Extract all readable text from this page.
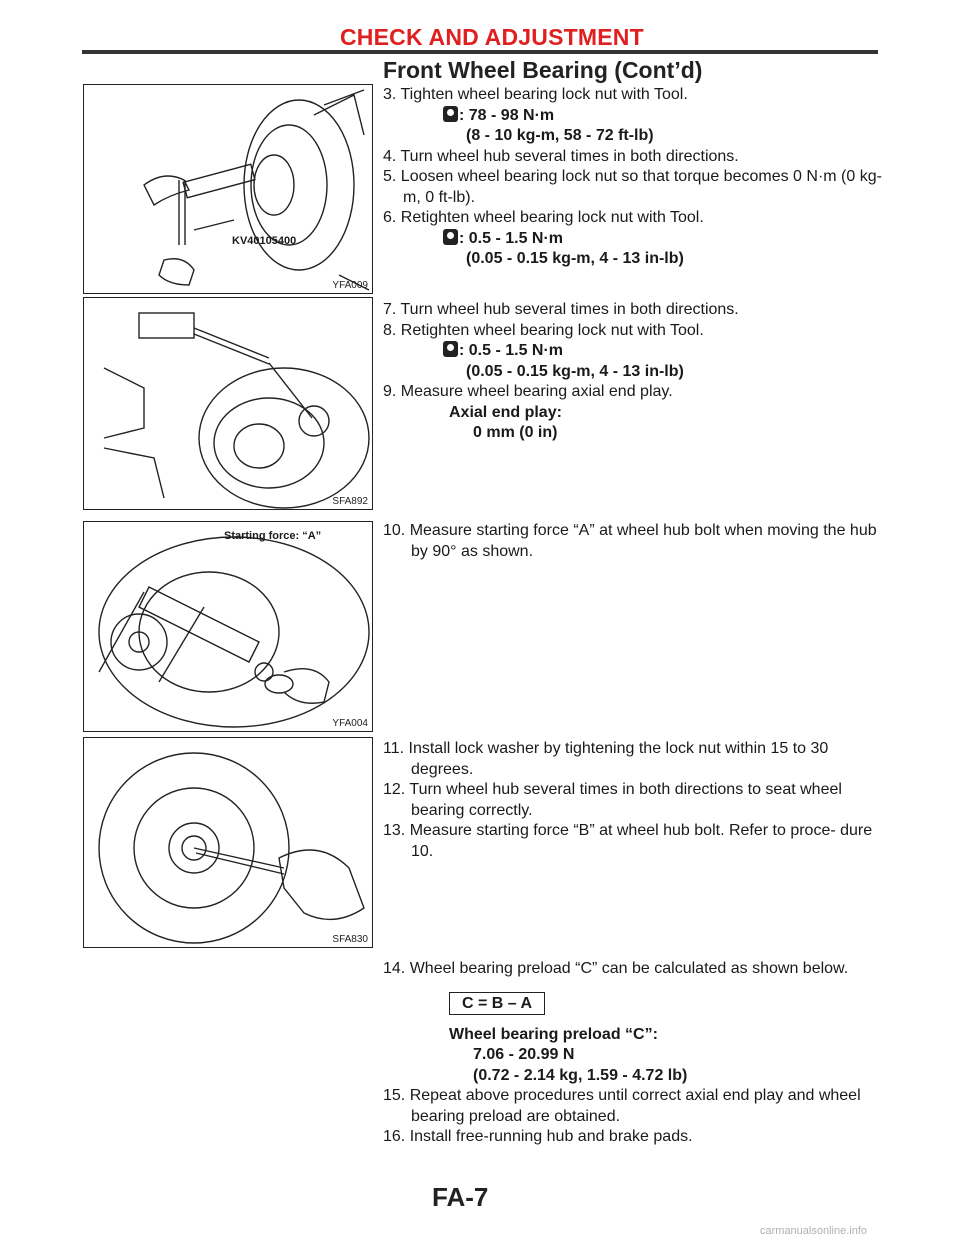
CHECK AND ADJUSTMENT
Front Wheel Bearing (Cont’d)
KV40105400
YFA009
SFA892
Starting force: “A”
YFA004
SFA830
3. Tighten wheel bearing lock nut with Tool.
: 78 - 98 N·m
(8 - 10 kg-m, 58 - 72 ft-lb)
4. Turn wheel hub several times in both directions.
5. Loosen wheel bearing lock nut so that torque becomes 0 N·m (0 kg-m, 0 ft-lb).
6. Retighten wheel bearing lock nut with Tool.
: 0.5 - 1.5 N·m
(0.05 - 0.15 kg-m, 4 - 13 in-lb)
7. Turn wheel hub several times in both directions.
8. Retighten wheel bearing lock nut with Tool.
: 0.5 - 1.5 N·m
(0.05 - 0.15 kg-m, 4 - 13 in-lb)
9. Measure wheel bearing axial end play.
Axial end play:
0 mm (0 in)
10. Measure starting force “A” at wheel hub bolt when moving the hub by 90° as shown.
11. Install lock washer by tightening the lock nut within 15 to 30 degrees.
12. Turn wheel hub several times in both directions to seat wheel bearing correctly.
13. Measure starting force “B” at wheel hub bolt. Refer to proce- dure 10.
14. Wheel bearing preload “C” can be calculated as shown below.
C = B – A
Wheel bearing preload “C”:
7.06 - 20.99 N
(0.72 - 2.14 kg, 1.59 - 4.72 lb)
15. Repeat above procedures until correct axial end play and wheel bearing preload are obtained.
16. Install free-running hub and brake pads.
FA-7
carmanualsonline.info
